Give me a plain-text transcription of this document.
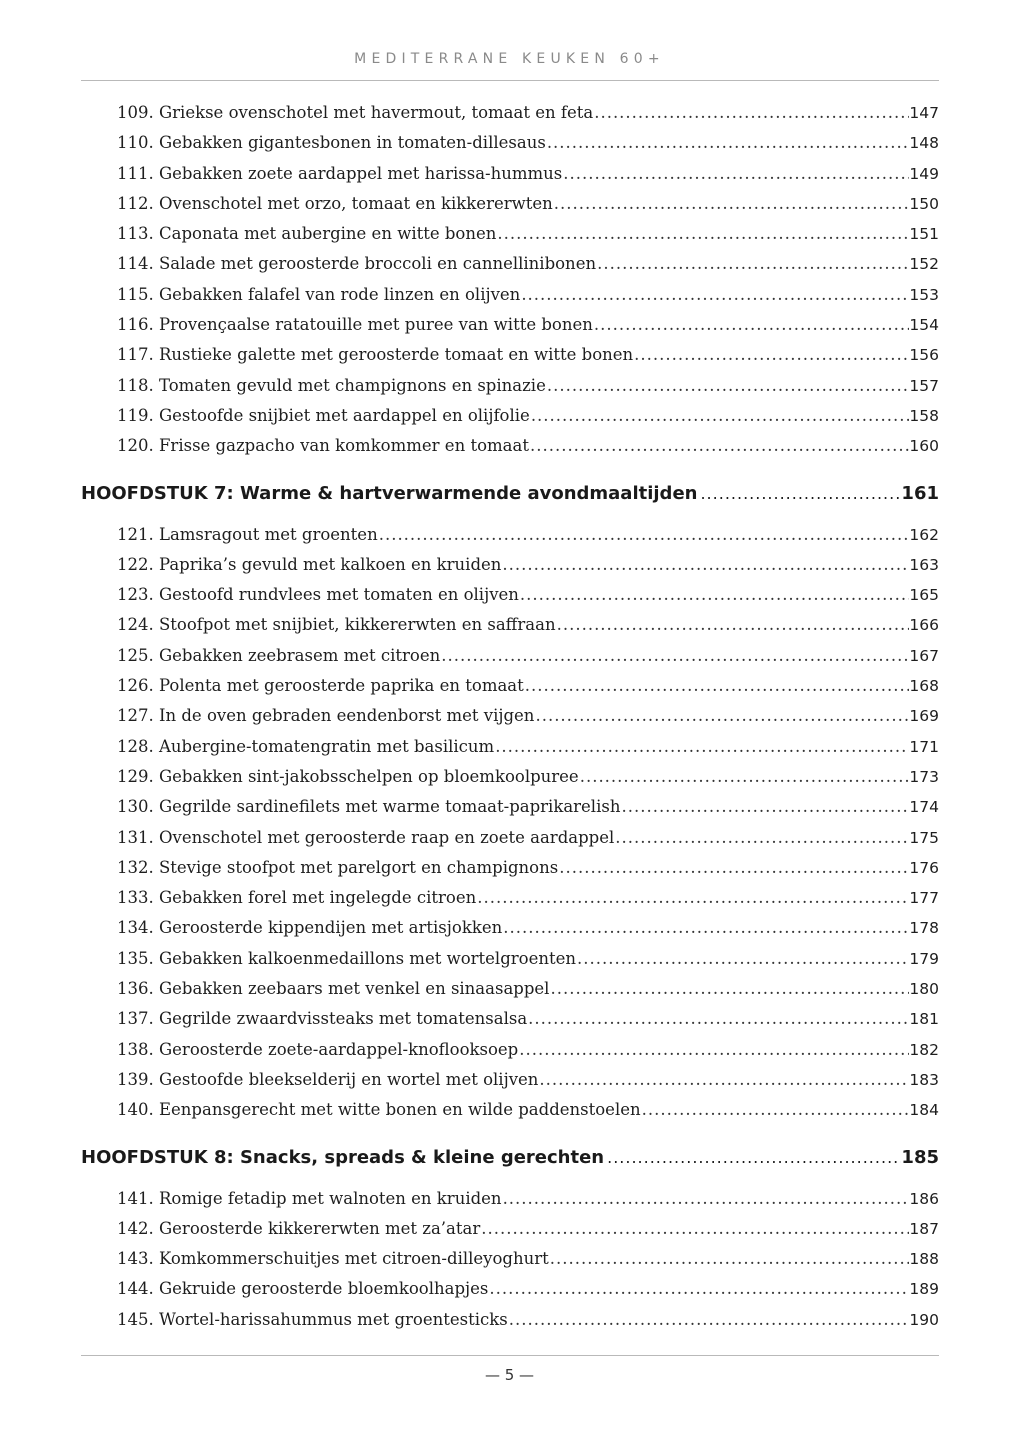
MEDITERRANE KEUKEN 60+
109. Griekse ovenschotel met havermout, tomaat en feta .....	147
110. Gebakken gigantesbonen in tomaten-dillesaus .....	148
111. Gebakken zoete aardappel met harissa-hummus .....	149
112. Ovenschotel met orzo, tomaat en kikkererwten .....	150
113. Caponata met aubergine en witte bonen .....	151
114. Salade met geroosterde broccoli en cannellinibonen .....	152
115. Gebakken falafel van rode linzen en olijven .....	153
116. Provençaalse ratatouille met puree van witte bonen .....	154
117. Rustieke galette met geroosterde tomaat en witte bonen .....	156
118. Tomaten gevuld met champignons en spinazie .....	157
119. Gestoofde snijbiet met aardappel en olijfolie .....	158
120. Frisse gazpacho van komkommer en tomaat .....	160
HOOFDSTUK 7: Warme & hartverwarmende avondmaaltijden .....	161
121. Lamsragout met groenten .....	162
122. Paprika’s gevuld met kalkoen en kruiden .....	163
123. Gestoofd rundvlees met tomaten en olijven .....	165
124. Stoofpot met snijbiet, kikkererwten en saffraan .....	166
125. Gebakken zeebrasem met citroen .....	167
126. Polenta met geroosterde paprika en tomaat .....	168
127. In de oven gebraden eendenborst met vijgen .....	169
128. Aubergine-tomatengratin met basilicum .....	171
129. Gebakken sint-jakobsschelpen op bloemkoolpuree .....	173
130. Gegrilde sardinefilets met warme tomaat-paprikarelish .....	174
131. Ovenschotel met geroosterde raap en zoete aardappel .....	175
132. Stevige stoofpot met parelgort en champignons .....	176
133. Gebakken forel met ingelegde citroen .....	177
134. Geroosterde kippendijen met artisjokken .....	178
135. Gebakken kalkoenmedaillons met wortelgroenten .....	179
136. Gebakken zeebaars met venkel en sinaasappel .....	180
137. Gegrilde zwaardvissteaks met tomatensalsa .....	181
138. Geroosterde zoete-aardappel-knoflooksoep .....	182
139. Gestoofde bleekselderij en wortel met olijven .....	183
140. Eenpansgerecht met witte bonen en wilde paddenstoelen .....	184
HOOFDSTUK 8: Snacks, spreads & kleine gerechten .....	185
141. Romige fetadip met walnoten en kruiden .....	186
142. Geroosterde kikkererwten met za’atar .....	187
143. Komkommerschuitjes met citroen-dilleyoghurt .....	188
144. Gekruide geroosterde bloemkoolhapjes .....	189
145. Wortel-harissahummus met groentesticks .....	190
— 5 —
